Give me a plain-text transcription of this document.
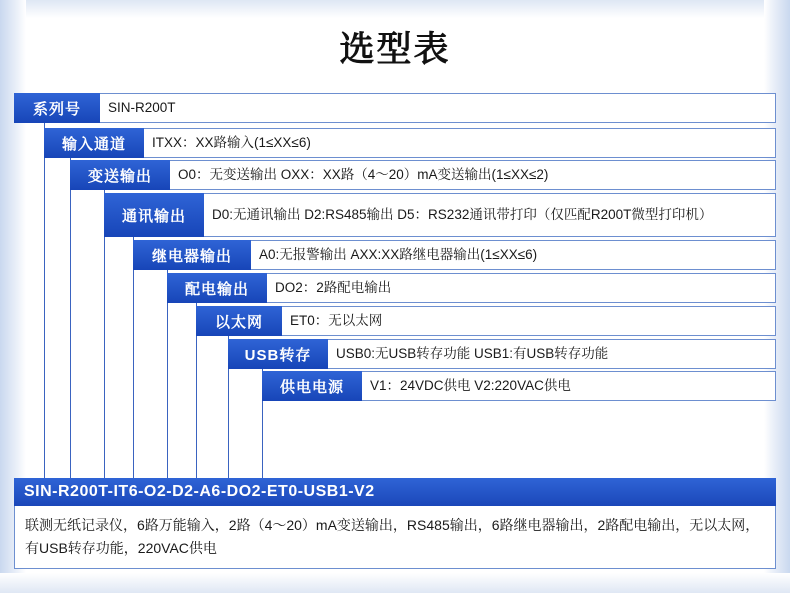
选型表
系列号	SIN-R200T
输入通道	ITXX：XX路输入(1≤XX≤6)
变送输出	O0：无变送输出 OXX：XX路（4～20）mA变送输出(1≤XX≤2)
通讯输出	D0:无通讯输出 D2:RS485输出 D5：RS232通讯带打印（仅匹配R200T微型打印机）
继电器输出	A0:无报警输出 AXX:XX路继电器输出(1≤XX≤6)
配电输出	DO2：2路配电输出
以太网	ET0：无以太网
USB转存	USB0:无USB转存功能 USB1:有USB转存功能
供电电源	V1：24VDC供电 V2:220VAC供电
SIN-R200T-IT6-O2-D2-A6-DO2-ET0-USB1-V2
联测无纸记录仪，6路万能输入，2路（4～20）mA变送输出，RS485输出，6路继电器输出，2路配电输出，无以太网，有USB转存功能，220VAC供电
